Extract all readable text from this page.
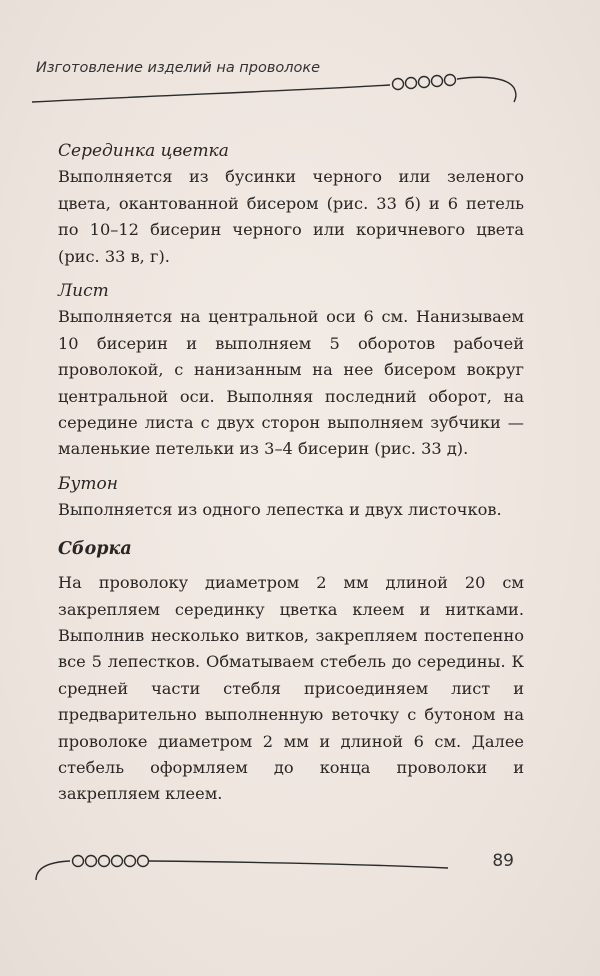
Изготовление изделий на проволоке
Серединка цветка

Выполняется из бусинки черного или зеленого цвета, окантованной бисером (рис. 33 б) и 6 петель по 10–12 бисерин черного или коричневого цвета (рис. 33 в, г).

Лист

Выполняется на центральной оси 6 см. Нанизываем 10 бисерин и выполняем 5 оборотов рабочей проволокой, с нанизанным на нее бисером вокруг центральной оси. Выполняя последний оборот, на середине листа с двух сторон выполняем зубчики — маленькие петельки из 3–4 бисерин (рис. 33 д).

Бутон

Выполняется из одного лепестка и двух листочков.

Сборка

На проволоку диаметром 2 мм длиной 20 см закрепляем серединку цветка клеем и нитками. Выполнив несколько витков, закрепляем постепенно все 5 лепестков. Обматываем стебель до середины. К средней части стебля присоединяем лист и предварительно выполненную веточку с бутоном на проволоке диаметром 2 мм и длиной 6 см. Далее стебель оформляем до конца проволоки и закрепляем клеем.

89
